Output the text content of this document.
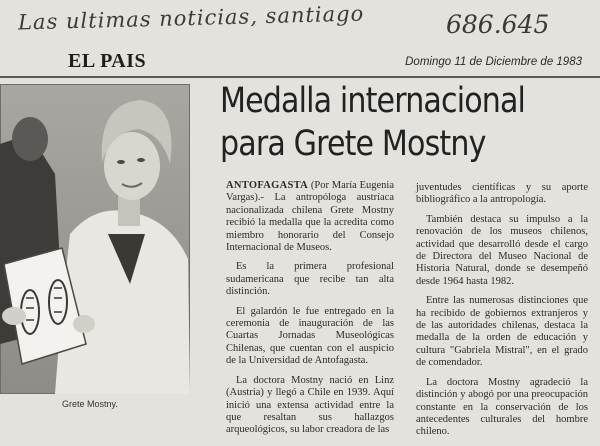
Las ultimas noticias, santiago	686.645
EL PAIS	Domingo 11 de Diciembre de 1983
Grete Mostny.
Medalla internacional
para Grete Mostny

ANTOFAGASTA (Por María Eugenia Vargas).- La antropóloga austríaca nacionalizada chilena Grete Mostny recibió la medalla que la acredita como miembro honorario del Consejo Internacional de Museos.

Es la primera profesional sudamericana que recibe tan alta distinción.

El galardón le fue entregado en la ceremonia de inauguración de las Cuartas Jornadas Museológicas Chilenas, que cuentan con el auspicio de la Universidad de Antofagasta.

La doctora Mostny nació en Linz (Austria) y llegó a Chile en 1939. Aquí inició una extensa actividad entre la que resaltan sus hallazgos arqueológicos, su labor creadora de las

juventudes científicas y su aporte bibliográfico a la antropología.

También destaca su impulso a la renovación de los museos chilenos, actividad que desarrolló desde el cargo de Directora del Museo Nacional de Historia Natural, donde se desempeñó desde 1964 hasta 1982.

Entre las numerosas distinciones que ha recibido de gobiernos extranjeros y de las autoridades chilenas, destaca la medalla de la orden de educación y cultura "Gabriela Mistral", en el grado de comendador.

La doctora Mostny agradeció la distinción y abogó por una preocupación constante en la conservación de los antecedentes culturales del hombre chileno.
